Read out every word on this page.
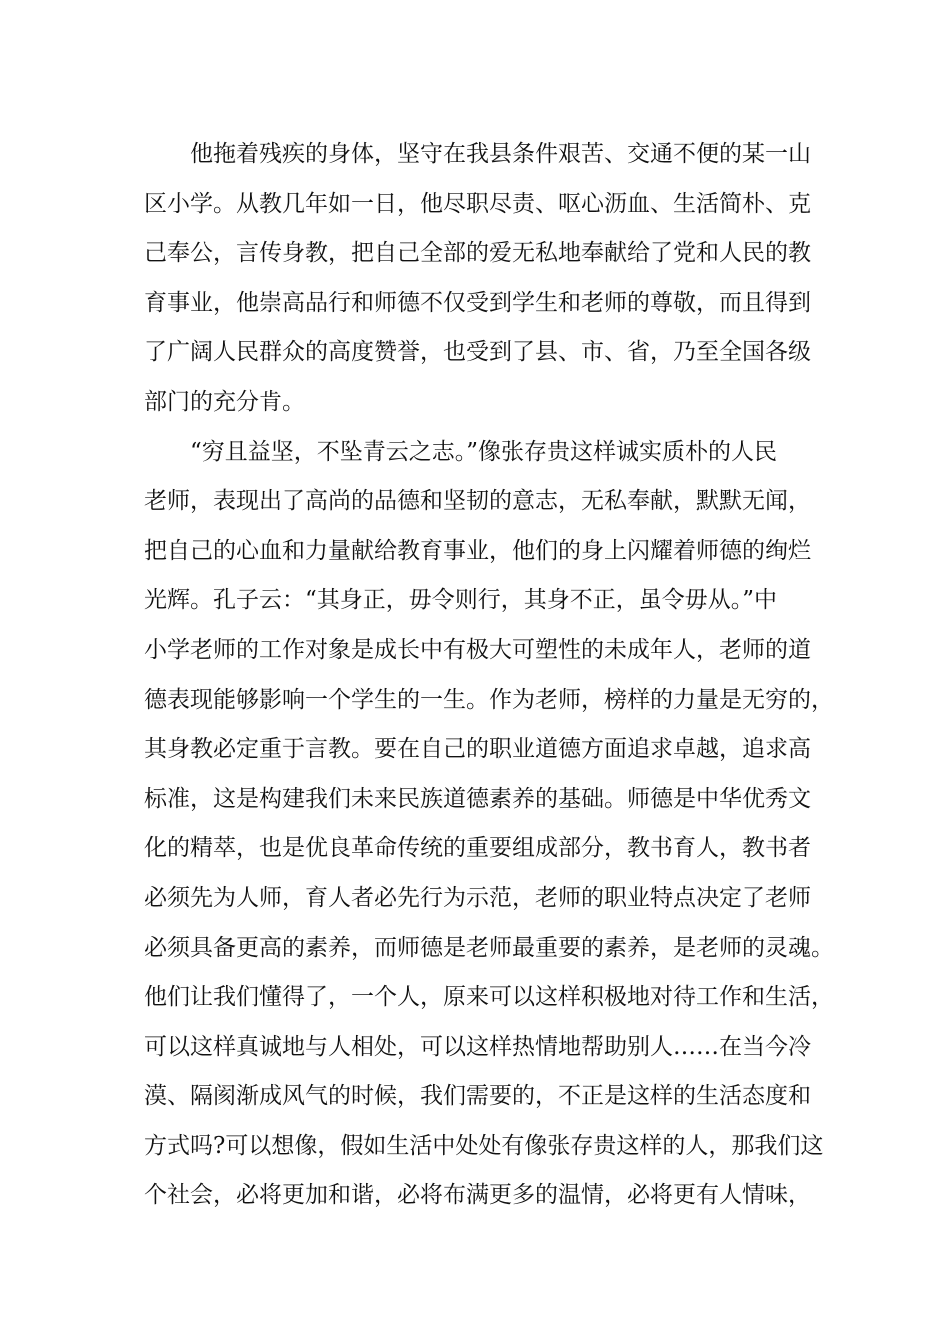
他拖着残疾的身体，坚守在我县条件艰苦、交通不便的某一山
区小学。从教几年如一日，他尽职尽责、呕心沥血、生活简朴、克
己奉公，言传身教，把自己全部的爱无私地奉献给了党和人民的教
育事业，他崇高品行和师德不仅受到学生和老师的尊敬，而且得到
了广阔人民群众的高度赞誉，也受到了县、市、省，乃至全国各级
部门的充分肯。
“穷且益坚，不坠青云之志。”像张存贵这样诚实质朴的人民
老师，表现出了高尚的品德和坚韧的意志，无私奉献，默默无闻，
把自己的心血和力量献给教育事业，他们的身上闪耀着师德的绚烂
光辉。孔子云：“其身正，毋令则行，其身不正，虽令毋从。”中
小学老师的工作对象是成长中有极大可塑性的未成年人，老师的道
德表现能够影响一个学生的一生。作为老师，榜样的力量是无穷的，
其身教必定重于言教。要在自己的职业道德方面追求卓越，追求高
标准，这是构建我们未来民族道德素养的基础。师德是中华优秀文
化的精萃，也是优良革命传统的重要组成部分，教书育人，教书者
必须先为人师，育人者必先行为示范，老师的职业特点决定了老师
必须具备更高的素养，而师德是老师最重要的素养，是老师的灵魂。
他们让我们懂得了，一个人，原来可以这样积极地对待工作和生活，
可以这样真诚地与人相处，可以这样热情地帮助别人……在当今冷
漠、隔阂渐成风气的时候，我们需要的，不正是这样的生活态度和
方式吗?可以想像，假如生活中处处有像张存贵这样的人，那我们这
个社会，必将更加和谐，必将布满更多的温情，必将更有人情味，
